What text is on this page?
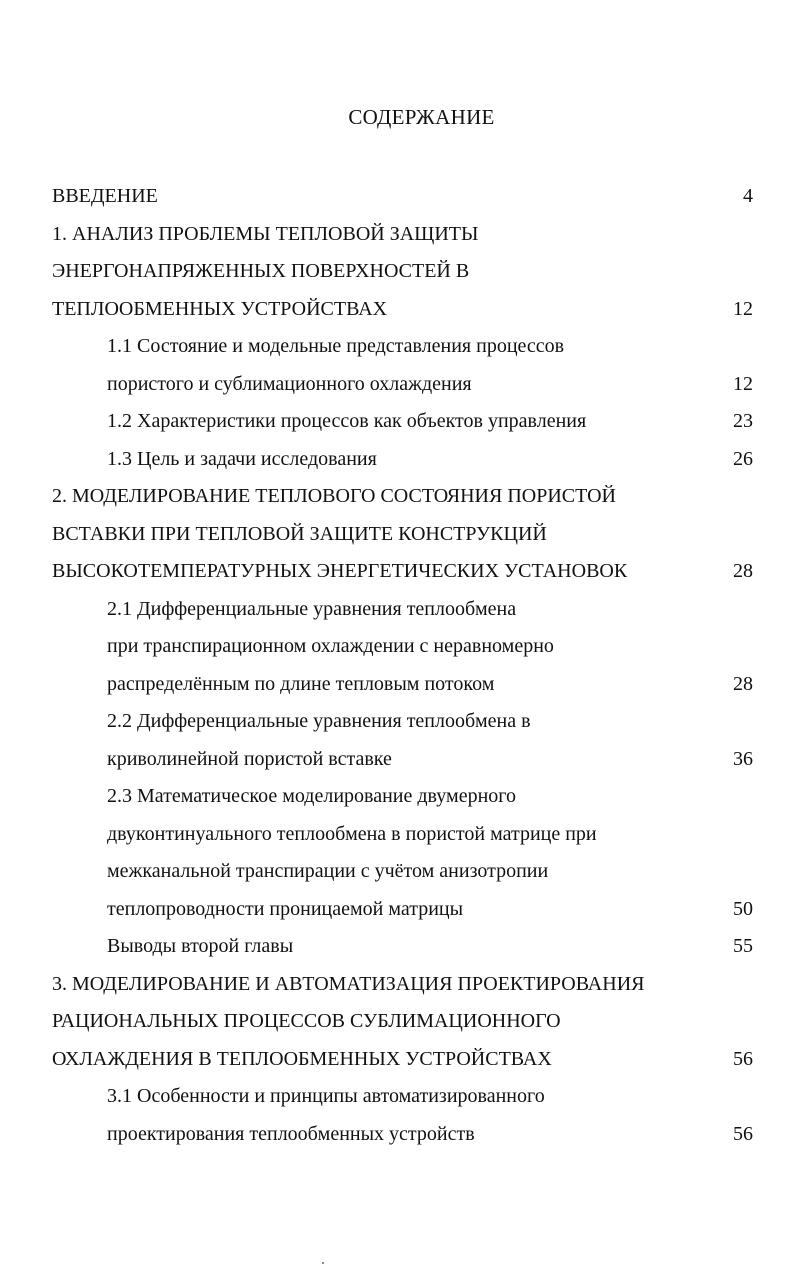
СОДЕРЖАНИЕ
ВВЕДЕНИЕ	4
1. АНАЛИЗ ПРОБЛЕМЫ ТЕПЛОВОЙ ЗАЩИТЫ
ЭНЕРГОНАПРЯЖЕННЫХ ПОВЕРХНОСТЕЙ В
ТЕПЛООБМЕННЫХ УСТРОЙСТВАХ	12
1.1 Состояние и модельные представления процессов
пористого и сублимационного охлаждения	12
1.2 Характеристики процессов как объектов управления	23
1.3 Цель и задачи исследования	26
2. МОДЕЛИРОВАНИЕ ТЕПЛОВОГО СОСТОЯНИЯ ПОРИСТОЙ
ВСТАВКИ ПРИ ТЕПЛОВОЙ ЗАЩИТЕ КОНСТРУКЦИЙ
ВЫСОКОТЕМПЕРАТУРНЫХ ЭНЕРГЕТИЧЕСКИХ УСТАНОВОК	28
2.1 Дифференциальные уравнения теплообмена
при транспирационном охлаждении с неравномерно
распределённым по длине тепловым потоком	28
2.2 Дифференциальные уравнения теплообмена в
криволинейной пористой вставке	36
2.3 Математическое моделирование двумерного
двуконтинуального теплообмена в пористой матрице при
межканальной транспирации с учётом анизотропии
теплопроводности проницаемой матрицы	50
Выводы второй главы	55
3. МОДЕЛИРОВАНИЕ И АВТОМАТИЗАЦИЯ ПРОЕКТИРОВАНИЯ
РАЦИОНАЛЬНЫХ ПРОЦЕССОВ СУБЛИМАЦИОННОГО
ОХЛАЖДЕНИЯ В ТЕПЛООБМЕННЫХ УСТРОЙСТВАХ	56
3.1 Особенности и принципы автоматизированного
проектирования теплообменных устройств	56
